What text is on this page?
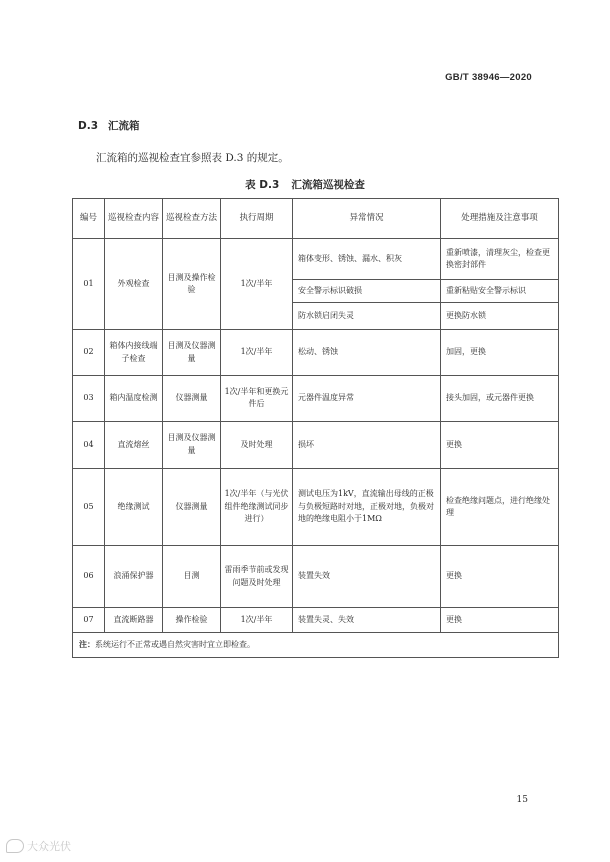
GB/T 38946—2020
D.3 汇流箱
汇流箱的巡视检查宜参照表 D.3 的规定。
表 D.3 汇流箱巡视检查
编号	巡视检查内容	巡视检查方法	执行周期	异常情况	处理措施及注意事项
01	外观检查	目测及操作检验	1次/半年	箱体变形、锈蚀、漏水、积灰	重新喷漆，清理灰尘，检查更换密封部件
				安全警示标识破损	重新粘贴安全警示标识
				防水锁启闭失灵	更换防水锁
02	箱体内接线端子检查	目测及仪器测量	1次/半年	松动、锈蚀	加固，更换
03	箱内温度检测	仪器测量	1次/半年和更换元件后	元器件温度异常	接头加固，或元器件更换
04	直流熔丝	目测及仪器测量	及时处理	损坏	更换
05	绝缘测试	仪器测量	1次/半年（与光伏组件绝缘测试同步进行）	测试电压为1kV，直流输出母线的正极与负极短路时对地，正极对地，负极对地的绝缘电阻小于1MΩ	检查绝缘问题点，进行绝缘处理
06	浪涌保护器	目测	雷雨季节前或发现问题及时处理	装置失效	更换
07	直流断路器	操作检验	1次/半年	装置失灵、失效	更换
注：系统运行不正常或遇自然灾害时宜立即检查。					
15
大众光伏
